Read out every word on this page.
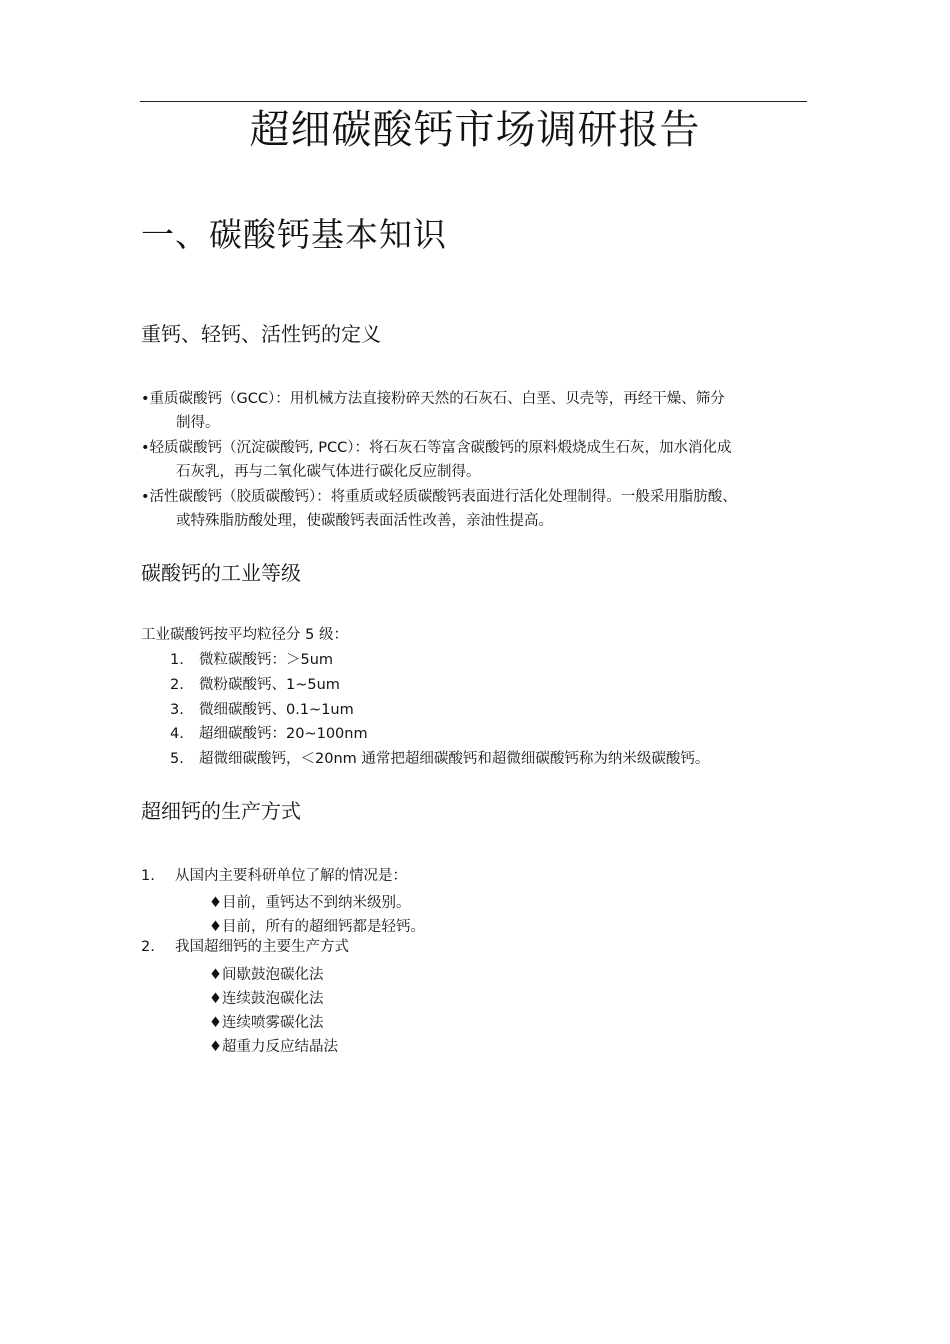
超细碳酸钙市场调研报告
一、碳酸钙基本知识
重钙、轻钙、活性钙的定义
•重质碳酸钙（GCC）：用机械方法直接粉碎天然的石灰石、白垩、贝壳等，再经干燥、筛分
制得。
•轻质碳酸钙（沉淀碳酸钙, PCC）：将石灰石等富含碳酸钙的原料煅烧成生石灰，加水消化成
石灰乳，再与二氧化碳气体进行碳化反应制得。
•活性碳酸钙（胶质碳酸钙）：将重质或轻质碳酸钙表面进行活化处理制得。一般采用脂肪酸、
或特殊脂肪酸处理，使碳酸钙表面活性改善，亲油性提高。
碳酸钙的工业等级
工业碳酸钙按平均粒径分 5 级：
1. 微粒碳酸钙：＞5um
2. 微粉碳酸钙、1~5um
3. 微细碳酸钙、0.1~1um
4. 超细碳酸钙：20~100nm
5. 超微细碳酸钙，＜20nm 通常把超细碳酸钙和超微细碳酸钙称为纳米级碳酸钙。
超细钙的生产方式
1. 从国内主要科研单位了解的情况是：
♦目前，重钙达不到纳米级别。
♦目前，所有的超细钙都是轻钙。
2. 我国超细钙的主要生产方式
♦间歇鼓泡碳化法
♦连续鼓泡碳化法
♦连续喷雾碳化法
♦超重力反应结晶法
